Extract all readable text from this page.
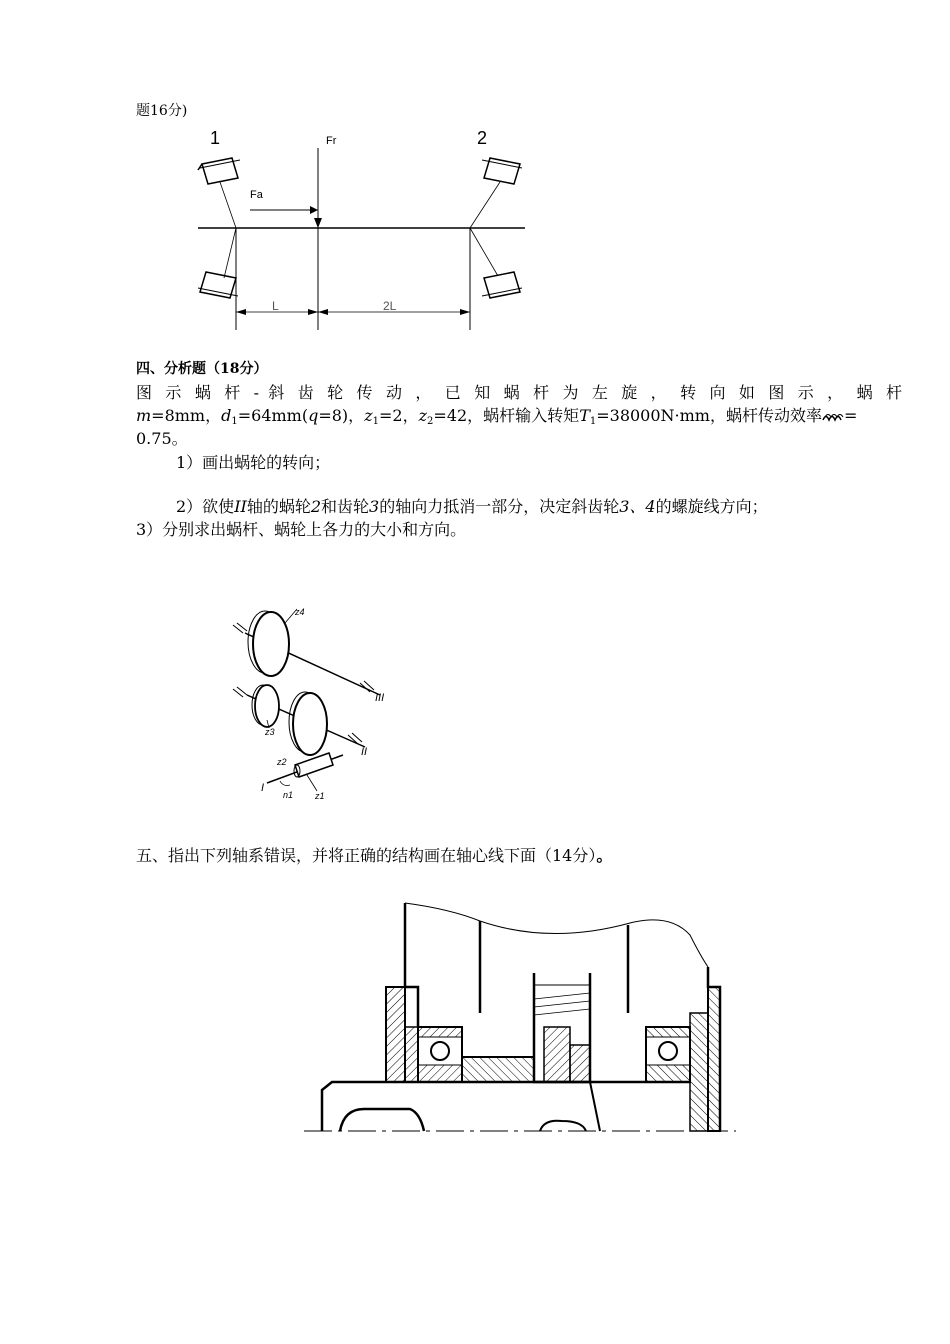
题16分)
1	2
Fr
Fa
L	2L
四、分析题（18分）
图 示 蜗 杆 - 斜 齿 轮 传 动 ， 已 知 蜗 杆 为 左 旋 ， 转 向 如 图 示 ， 蜗 杆
m=8mm，$d_1=64mm(q=8)$，$z_1=2$，$z_2=42$，蜗杆输入转矩$T_1=38000N\cdot mm$，蜗杆传动效率 =
0.75。
1）画出蜗轮的转向；
2）欲使II轴的蜗轮2和齿轮3的轴向力抵消一部分，决定斜齿轮3、4的螺旋线方向；
3）分别求出蜗杆、蜗轮上各力的大小和方向。
z4
z3
z2
z1
n1
I
II
III
五、指出下列轴系错误，并将正确的结构画在轴心线下面（14分）。
